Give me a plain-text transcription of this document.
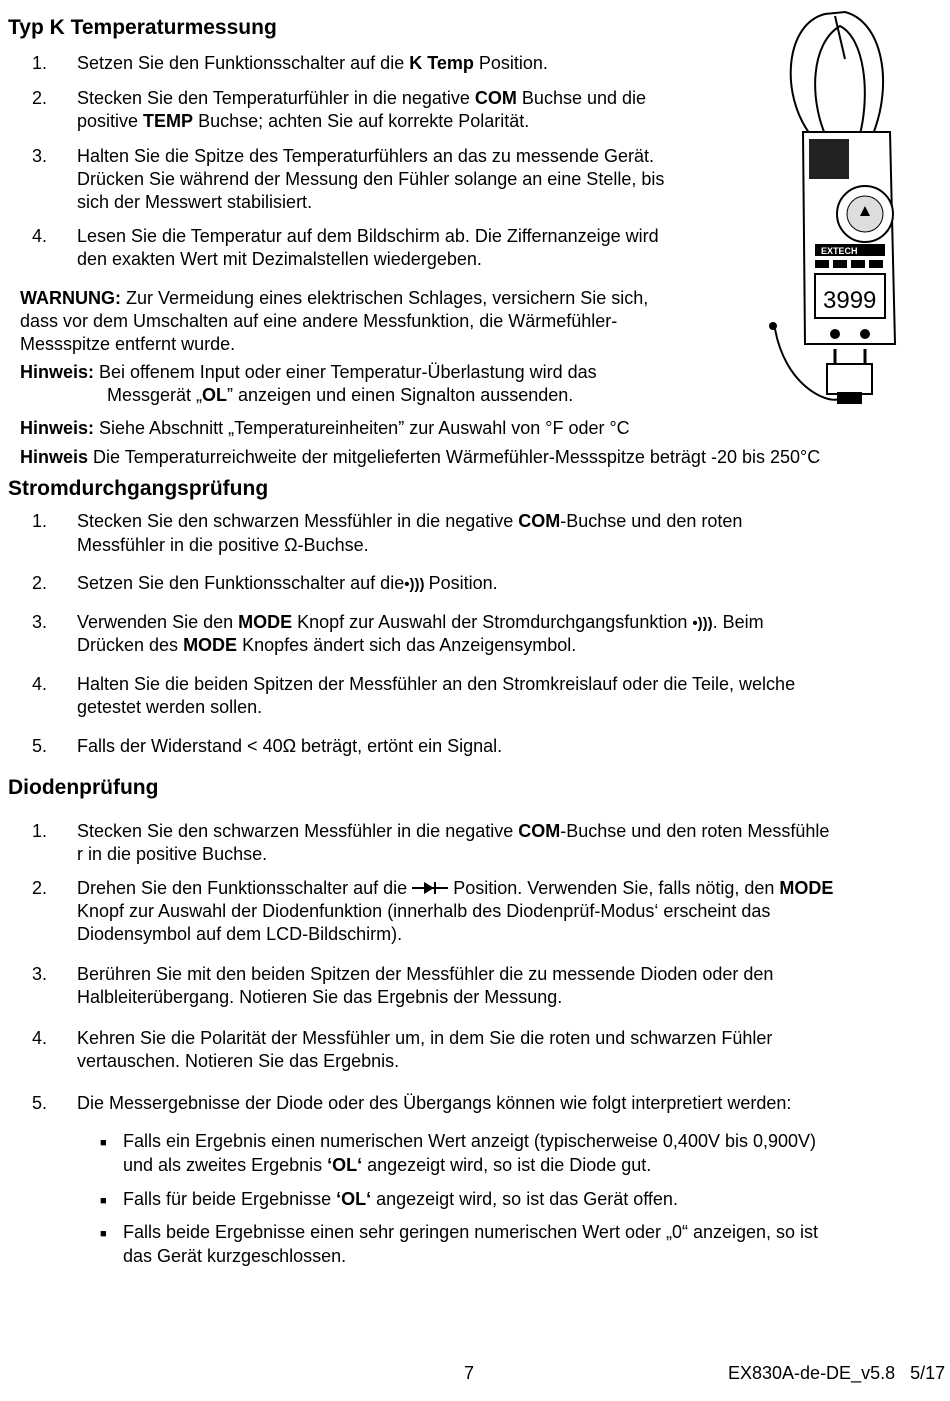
Typ K Temperaturmessung
1. Setzen Sie den Funktionsschalter auf die K Temp Position.
2. Stecken Sie den Temperaturfühler in die negative COM Buchse und die
positive TEMP Buchse; achten Sie auf korrekte Polarität.
3. Halten Sie die Spitze des Temperaturfühlers an das zu messende Gerät.
Drücken Sie während der Messung den Fühler solange an eine Stelle, bis
sich der Messwert stabilisiert.
4. Lesen Sie die Temperatur auf dem Bildschirm ab. Die Ziffernanzeige wird
den exakten Wert mit Dezimalstellen wiedergeben.
WARNUNG: Zur Vermeidung eines elektrischen Schlages, versichern Sie sich,
dass vor dem Umschalten auf eine andere Messfunktion, die Wärmefühler-
Messspitze entfernt wurde.
Hinweis: Bei offenem Input oder einer Temperatur-Überlastung wird das
Messgerät „OL” anzeigen und einen Signalton aussenden.
Hinweis: Siehe Abschnitt „Temperatureinheiten” zur Auswahl von °F oder °C
Hinweis Die Temperaturreichweite der mitgelieferten Wärmefühler-Messspitze beträgt -20 bis 250°C
EXTECH
3999
Stromdurchgangsprüfung
1. Stecken Sie den schwarzen Messfühler in die negative COM-Buchse und den roten
Messfühler in die positive Ω-Buchse.
2. Setzen Sie den Funktionsschalter auf die•))) Position.
3. Verwenden Sie den MODE Knopf zur Auswahl der Stromdurchgangsfunktion •))). Beim
Drücken des MODE Knopfes ändert sich das Anzeigensymbol.
4. Halten Sie die beiden Spitzen der Messfühler an den Stromkreislauf oder die Teile, welche
getestet werden sollen.
5. Falls der Widerstand < 40Ω beträgt, ertönt ein Signal.
Diodenprüfung
1. Stecken Sie den schwarzen Messfühler in die negative COM-Buchse und den roten Messfühle
r in die positive Buchse.
2. Drehen Sie den Funktionsschalter auf die  Position. Verwenden Sie, falls nötig, den MODE
Knopf zur Auswahl der Diodenfunktion (innerhalb des Diodenprüf-Modus‘ erscheint das
Diodensymbol auf dem LCD-Bildschirm).
3. Berühren Sie mit den beiden Spitzen der Messfühler die zu messende Dioden oder den
Halbleiterübergang. Notieren Sie das Ergebnis der Messung.
4. Kehren Sie die Polarität der Messfühler um, in dem Sie die roten und schwarzen Fühler
vertauschen. Notieren Sie das Ergebnis.
5. Die Messergebnisse der Diode oder des Übergangs können wie folgt interpretiert werden:
■ Falls ein Ergebnis einen numerischen Wert anzeigt (typischerweise 0,400V bis 0,900V)
und als zweites Ergebnis ‘OL‘ angezeigt wird, so ist die Diode gut.
■ Falls für beide Ergebnisse ‘OL‘ angezeigt wird, so ist das Gerät offen.
■ Falls beide Ergebnisse einen sehr geringen numerischen Wert oder „0“ anzeigen, so ist
das Gerät kurzgeschlossen.
7	EX830A-de-DE_v5.8   5/17
